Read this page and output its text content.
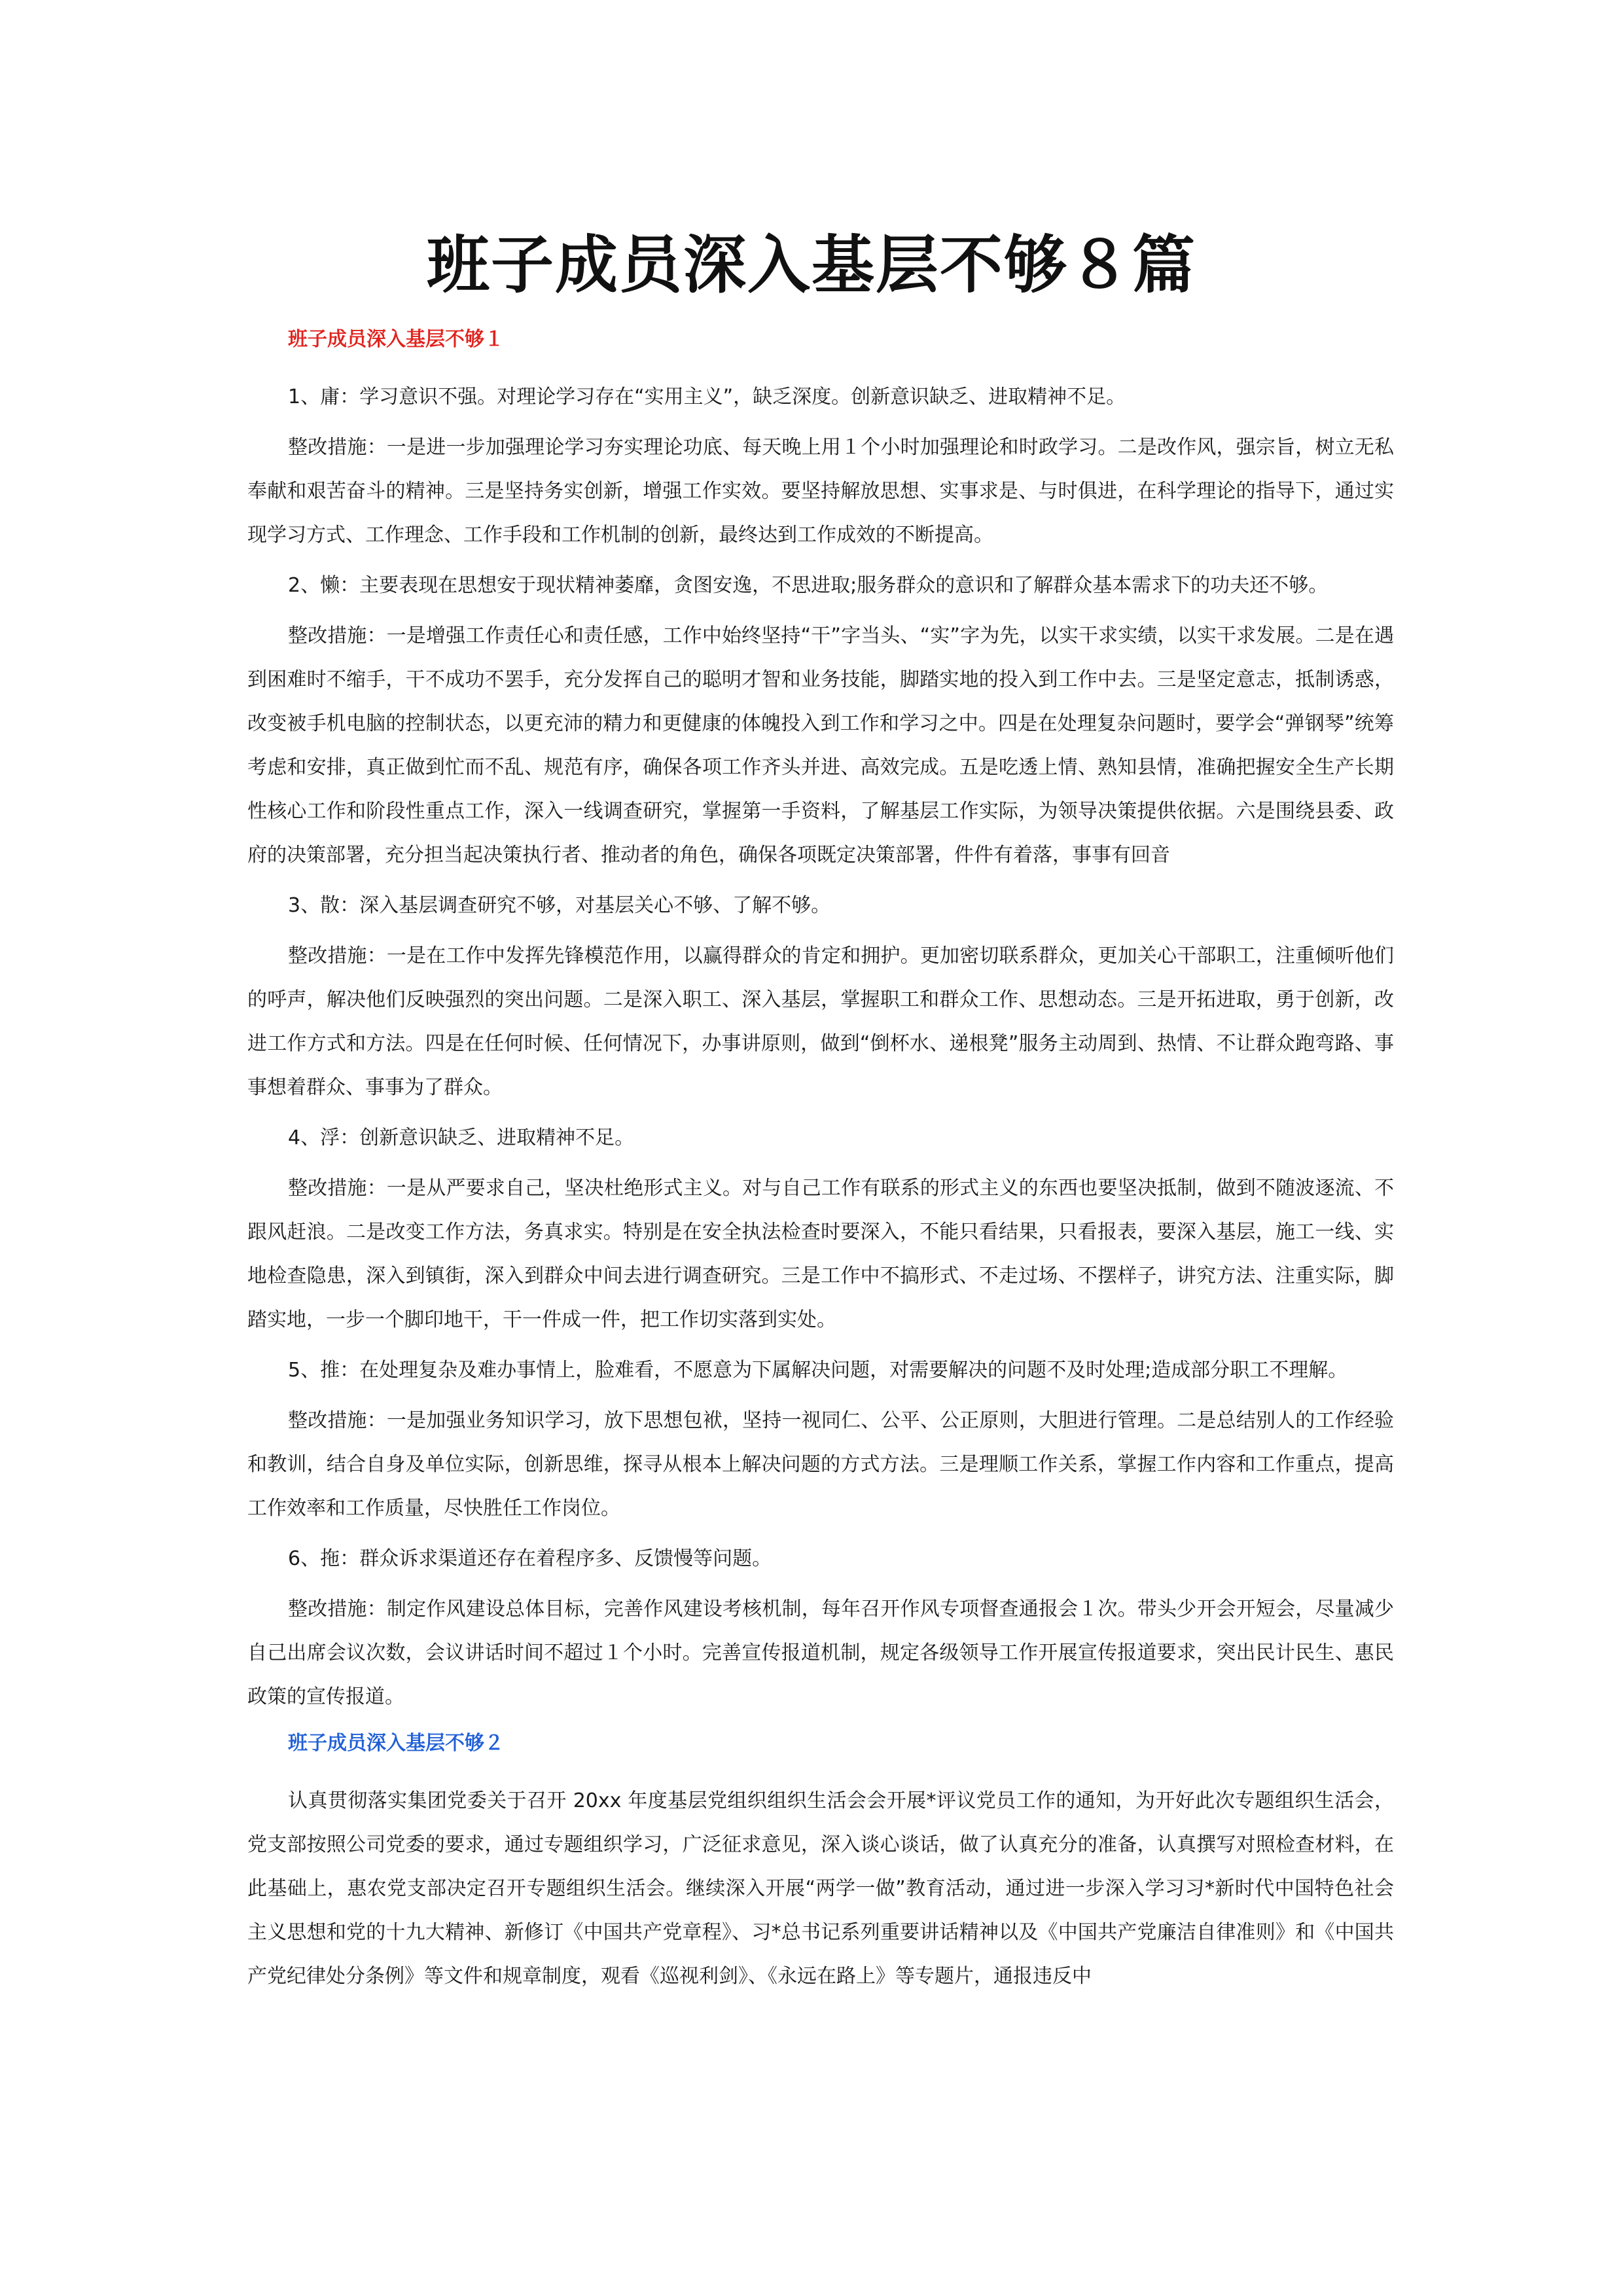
班子成员深入基层不够８篇

班子成员深入基层不够１

1、庸：学习意识不强。对理论学习存在“实用主义”，缺乏深度。创新意识缺乏、进取精神不足。

整改措施：一是进一步加强理论学习夯实理论功底、每天晚上用１个小时加强理论和时政学习。二是改作风，强宗旨，树立无私奉献和艰苦奋斗的精神。三是坚持务实创新，增强工作实效。要坚持解放思想、实事求是、与时俱进，在科学理论的指导下，通过实现学习方式、工作理念、工作手段和工作机制的创新，最终达到工作成效的不断提高。

2、懒：主要表现在思想安于现状精神萎靡，贪图安逸，不思进取;服务群众的意识和了解群众基本需求下的功夫还不够。

整改措施：一是增强工作责任心和责任感，工作中始终坚持“干”字当头、“实”字为先，以实干求实绩，以实干求发展。二是在遇到困难时不缩手，干不成功不罢手，充分发挥自己的聪明才智和业务技能，脚踏实地的投入到工作中去。三是坚定意志，抵制诱惑，改变被手机电脑的控制状态，以更充沛的精力和更健康的体魄投入到工作和学习之中。四是在处理复杂问题时，要学会“弹钢琴”统筹考虑和安排，真正做到忙而不乱、规范有序，确保各项工作齐头并进、高效完成。五是吃透上情、熟知县情，准确把握安全生产长期性核心工作和阶段性重点工作，深入一线调查研究，掌握第一手资料，了解基层工作实际，为领导决策提供依据。六是围绕县委、政府的决策部署，充分担当起决策执行者、推动者的角色，确保各项既定决策部署，件件有着落，事事有回音

3、散：深入基层调查研究不够，对基层关心不够、了解不够。

整改措施：一是在工作中发挥先锋模范作用，以赢得群众的肯定和拥护。更加密切联系群众，更加关心干部职工，注重倾听他们的呼声，解决他们反映强烈的突出问题。二是深入职工、深入基层，掌握职工和群众工作、思想动态。三是开拓进取，勇于创新，改进工作方式和方法。四是在任何时候、任何情况下，办事讲原则，做到“倒杯水、递根凳”服务主动周到、热情、不让群众跑弯路、事事想着群众、事事为了群众。

4、浮：创新意识缺乏、进取精神不足。

整改措施：一是从严要求自己，坚决杜绝形式主义。对与自己工作有联系的形式主义的东西也要坚决抵制，做到不随波逐流、不跟风赶浪。二是改变工作方法，务真求实。特别是在安全执法检查时要深入，不能只看结果，只看报表，要深入基层，施工一线、实地检查隐患，深入到镇街，深入到群众中间去进行调查研究。三是工作中不搞形式、不走过场、不摆样子，讲究方法、注重实际，脚踏实地，一步一个脚印地干，干一件成一件，把工作切实落到实处。

5、推：在处理复杂及难办事情上，脸难看，不愿意为下属解决问题，对需要解决的问题不及时处理;造成部分职工不理解。

整改措施：一是加强业务知识学习，放下思想包袱，坚持一视同仁、公平、公正原则，大胆进行管理。二是总结别人的工作经验和教训，结合自身及单位实际，创新思维，探寻从根本上解决问题的方式方法。三是理顺工作关系，掌握工作内容和工作重点，提高工作效率和工作质量，尽快胜任工作岗位。

6、拖：群众诉求渠道还存在着程序多、反馈慢等问题。

整改措施：制定作风建设总体目标，完善作风建设考核机制，每年召开作风专项督查通报会１次。带头少开会开短会，尽量减少自己出席会议次数，会议讲话时间不超过１个小时。完善宣传报道机制，规定各级领导工作开展宣传报道要求，突出民计民生、惠民政策的宣传报道。

班子成员深入基层不够２

认真贯彻落实集团党委关于召开 20xx 年度基层党组织组织生活会会开展*评议党员工作的通知，为开好此次专题组织生活会，党支部按照公司党委的要求，通过专题组织学习，广泛征求意见，深入谈心谈话，做了认真充分的准备，认真撰写对照检查材料，在此基础上，惠农党支部决定召开专题组织生活会。继续深入开展“两学一做”教育活动，通过进一步深入学习习*新时代中国特色社会主义思想和党的十九大精神、新修订《中国共产党章程》、习*总书记系列重要讲话精神以及《中国共产党廉洁自律准则》和《中国共产党纪律处分条例》等文件和规章制度，观看《巡视利剑》、《永远在路上》等专题片，通报违反中
